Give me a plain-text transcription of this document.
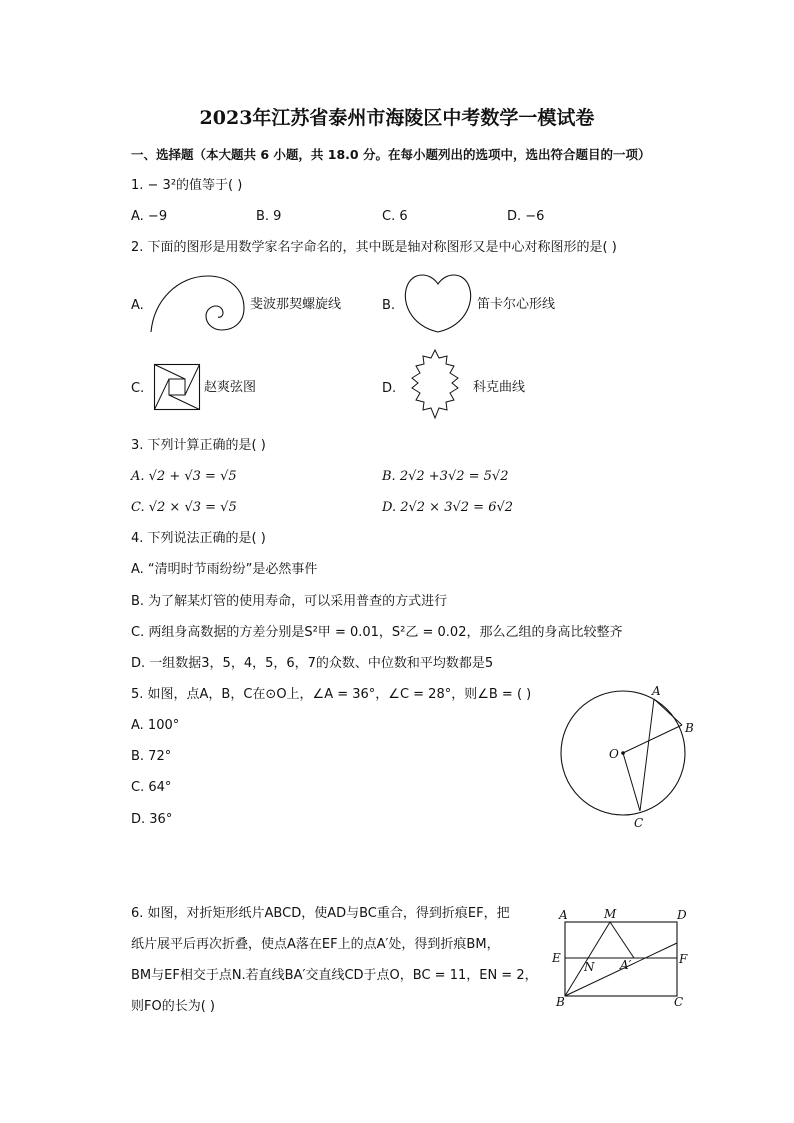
2023年江苏省泰州市海陵区中考数学一模试卷
一、选择题（本大题共 6 小题，共 18.0 分。在每小题列出的选项中，选出符合题目的一项）
1. − 3²的值等于( )
A. −9	B. 9	C. 6	D. −6
2. 下面的图形是用数学家名字命名的，其中既是轴对称图形又是中心对称图形的是( )
A.	斐波那契螺旋线	B.	笛卡尔心形线
C.	赵爽弦图	D.	科克曲线
3. 下列计算正确的是( )
A. √2 + √3 = √5	B. 2√2 +3√2 = 5√2
C. √2 × √3 = √5	D. 2√2 × 3√2 = 6√2
4. 下列说法正确的是( )
A. “清明时节雨纷纷”是必然事件
B. 为了解某灯管的使用寿命，可以采用普查的方式进行
C. 两组身高数据的方差分别是S²甲 = 0.01，S²乙 = 0.02，那么乙组的身高比较整齐
D. 一组数据3，5，4，5，6，7的众数、中位数和平均数都是5
5. 如图，点A，B，C在⊙O上，∠A = 36°，∠C = 28°，则∠B = ( )
A. 100°
B. 72°
C. 64°
D. 36°
A
B
C
O
6. 如图，对折矩形纸片ABCD，使AD与BC重合，得到折痕EF，把
纸片展平后再次折叠，使点A落在EF上的点A′处，得到折痕BM，
BM与EF相交于点N.若直线BA′交直线CD于点O，BC = 11，EN = 2，
则FO的长为( )
A	M	D
E	F
N A′
B	C
